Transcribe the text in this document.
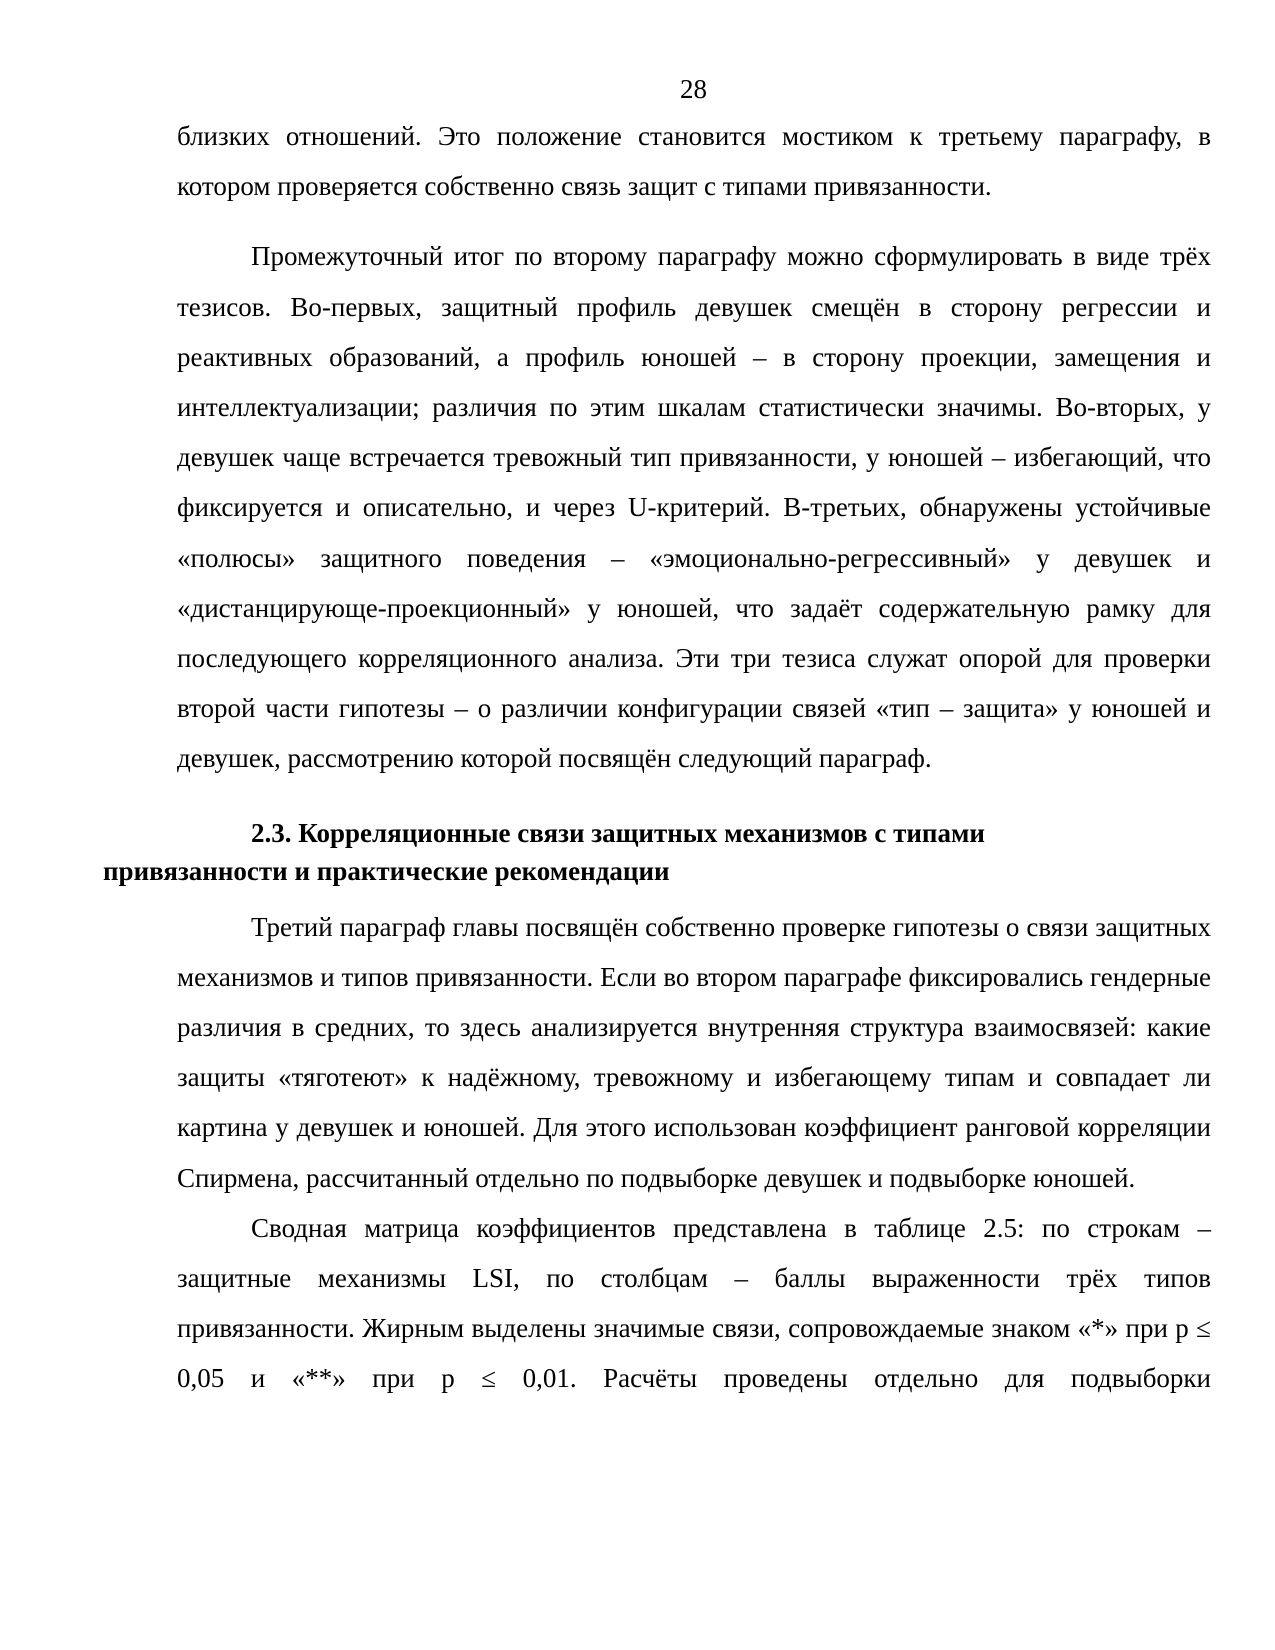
28

близких отношений. Это положение становится мостиком к третьему параграфу, в котором проверяется собственно связь защит с типами привязанности.

Промежуточный итог по второму параграфу можно сформулировать в виде трёх тезисов. Во-первых, защитный профиль девушек смещён в сторону регрессии и реактивных образований, а профиль юношей – в сторону проекции, замещения и интеллектуализации; различия по этим шкалам статистически значимы. Во-вторых, у девушек чаще встречается тревожный тип привязанности, у юношей – избегающий, что фиксируется и описательно, и через U-критерий. В-третьих, обнаружены устойчивые «полюсы» защитного поведения – «эмоционально-регрессивный» у девушек и «дистанцирующе-проекционный» у юношей, что задаёт содержательную рамку для последующего корреляционного анализа. Эти три тезиса служат опорой для проверки второй части гипотезы – о различии конфигурации связей «тип – защита» у юношей и девушек, рассмотрению которой посвящён следующий параграф.

2.3. Корреляционные связи защитных механизмов с типами
привязанности и практические рекомендации

Третий параграф главы посвящён собственно проверке гипотезы о связи защитных механизмов и типов привязанности. Если во втором параграфе фиксировались гендерные различия в средних, то здесь анализируется внутренняя структура взаимосвязей: какие защиты «тяготеют» к надёжному, тревожному и избегающему типам и совпадает ли картина у девушек и юношей. Для этого использован коэффициент ранговой корреляции Спирмена, рассчитанный отдельно по подвыборке девушек и подвыборке юношей.

Сводная матрица коэффициентов представлена в таблице 2.5: по строкам – защитные механизмы LSI, по столбцам – баллы выраженности трёх типов привязанности. Жирным выделены значимые связи, сопровождаемые знаком «*» при p ≤ 0,05 и «**» при p ≤ 0,01. Расчёты проведены отдельно для подвыборки
